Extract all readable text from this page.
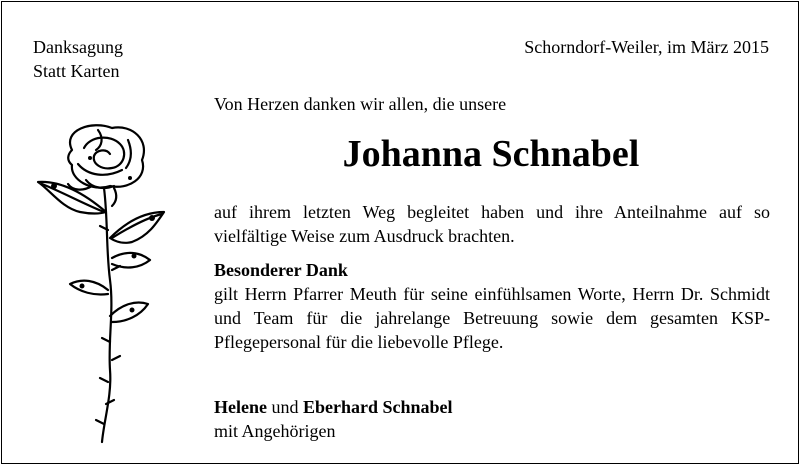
Danksagung
Statt Karten
Schorndorf-Weiler, im März 2015
Von Herzen danken wir allen, die unsere
Johanna Schnabel
auf ihrem letzten Weg begleitet haben und ihre Anteilnahme auf so vielfältige Weise zum Ausdruck brachten.
Besonderer Dank
gilt Herrn Pfarrer Meuth für seine einfühlsamen Worte, Herrn Dr. Schmidt und Team für die jahrelange Betreuung sowie dem gesamten KSP-Pflegepersonal für die liebevolle Pflege.
Helene und Eberhard Schnabel
mit Angehörigen
